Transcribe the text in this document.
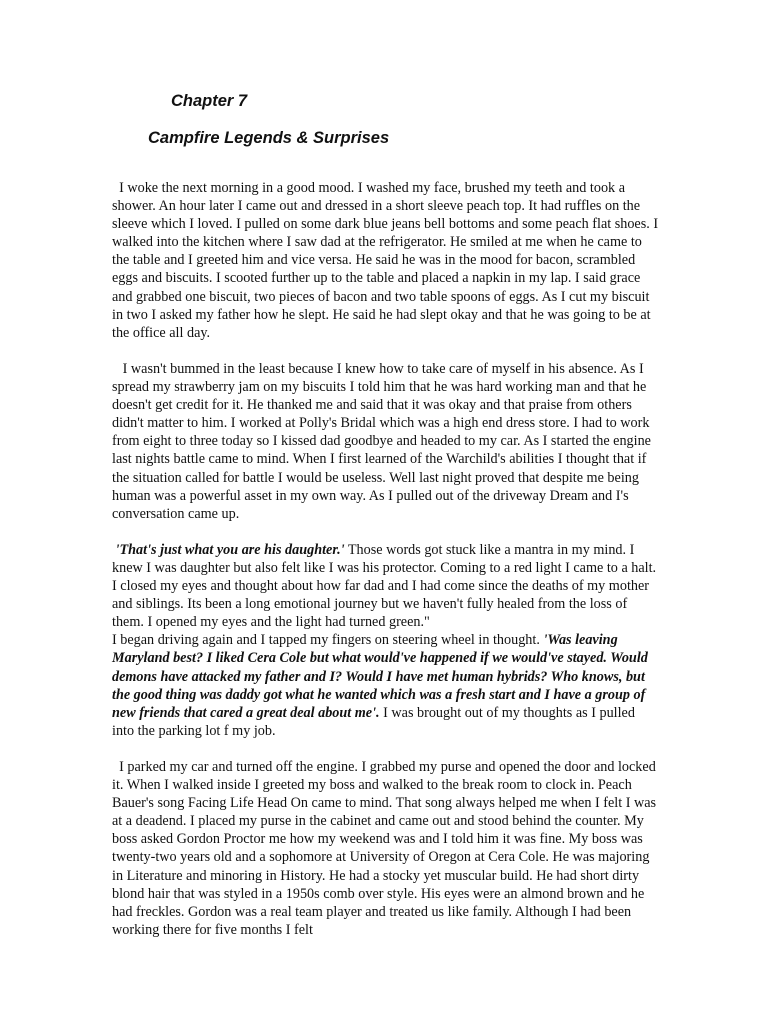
Chapter 7
Campfire Legends & Surprises

I woke the next morning in a good mood. I washed my face, brushed my teeth and took a shower. An hour later I came out and dressed in a short sleeve peach top. It had ruffles on the sleeve which I loved. I pulled on some dark blue jeans bell bottoms and some peach flat shoes. I walked into the kitchen where I saw dad at the refrigerator. He smiled at me when he came to the table and I greeted him and vice versa. He said he was in the mood for bacon, scrambled eggs and biscuits. I scooted further up to the table and placed a napkin in my lap. I said grace and grabbed one biscuit, two pieces of bacon and two table spoons of eggs. As I cut my biscuit in two I asked my father how he slept. He said he had slept okay and that he was going to be at the office all day.

I wasn't bummed in the least because I knew how to take care of myself in his absence. As I spread my strawberry jam on my biscuits I told him that he was hard working man and that he doesn't get credit for it. He thanked me and said that it was okay and that praise from others didn't matter to him. I worked at Polly's Bridal which was a high end dress store. I had to work from eight to three today so I kissed dad goodbye and headed to my car. As I started the engine last nights battle came to mind. When I first learned of the Warchild's abilities I thought that if the situation called for battle I would be useless. Well last night proved that despite me being human was a powerful asset in my own way. As I pulled out of the driveway Dream and I's conversation came up.

'That's just what you are his daughter.' Those words got stuck like a mantra in my mind. I knew I was daughter but also felt like I was his protector. Coming to a red light I came to a halt. I closed my eyes and thought about how far dad and I had come since the deaths of my mother and siblings. Its been a long emotional journey but we haven't fully healed from the loss of them. I opened my eyes and the light had turned green."

I began driving again and I tapped my fingers on steering wheel in thought. 'Was leaving Maryland best? I liked Cera Cole but what would've happened if we would've stayed. Would demons have attacked my father and I? Would I have met human hybrids? Who knows, but the good thing was daddy got what he wanted which was a fresh start and I have a group of new friends that cared a great deal about me'. I was brought out of my thoughts as I pulled into the parking lot f my job.

I parked my car and turned off the engine. I grabbed my purse and opened the door and locked it. When I walked inside I greeted my boss and walked to the break room to clock in. Peach Bauer's song Facing Life Head On came to mind. That song always helped me when I felt I was at a deadend. I placed my purse in the cabinet and came out and stood behind the counter. My boss asked Gordon Proctor me how my weekend was and I told him it was fine. My boss was twenty-two years old and a sophomore at University of Oregon at Cera Cole. He was majoring in Literature and minoring in History. He had a stocky yet muscular build. He had short dirty blond hair that was styled in a 1950s comb over style. His eyes were an almond brown and he had freckles. Gordon was a real team player and treated us like family. Although I had been working there for five months I felt
